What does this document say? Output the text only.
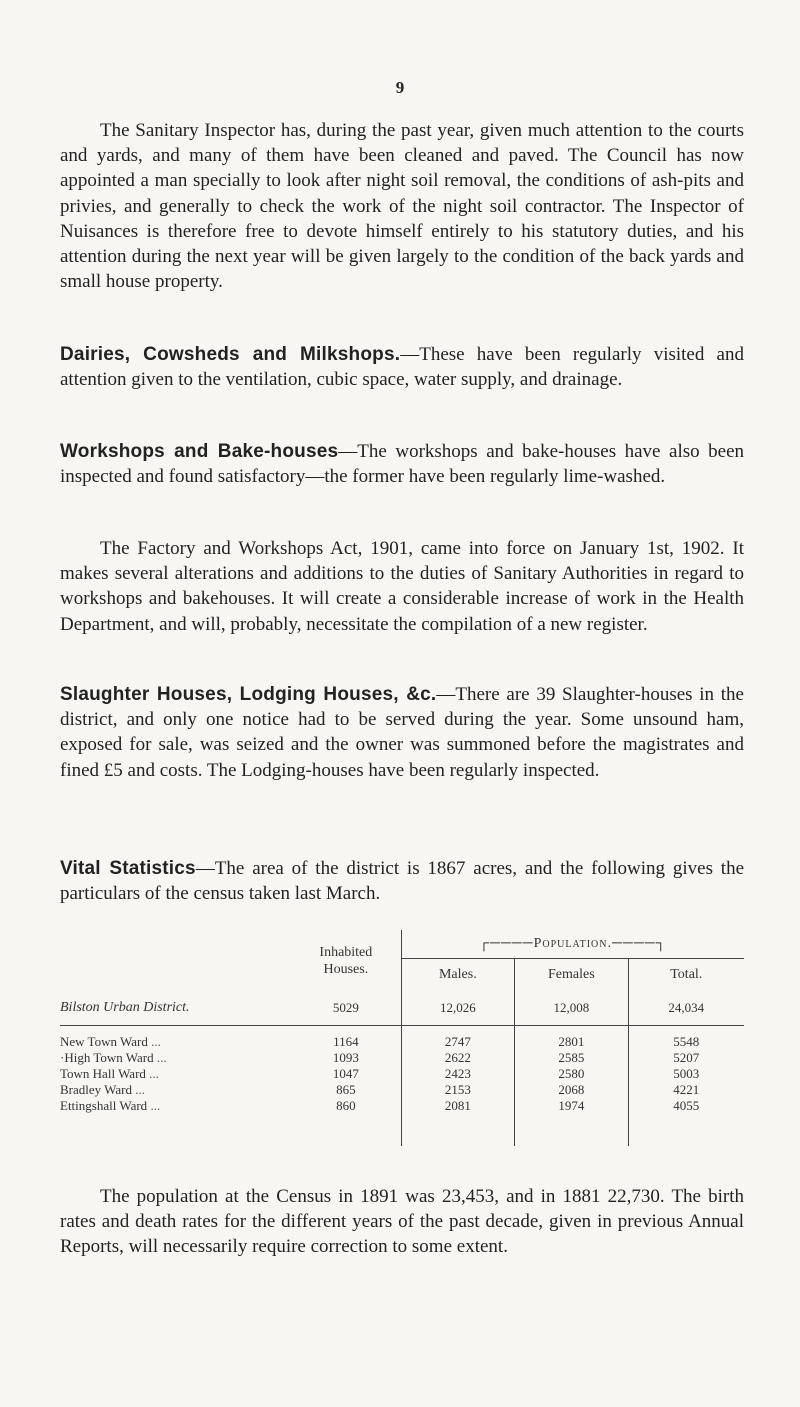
9

The Sanitary Inspector has, during the past year, given much attention to the courts and yards, and many of them have been cleaned and paved. The Council has now appointed a man specially to look after night soil removal, the conditions of ash-pits and privies, and generally to check the work of the night soil contractor. The Inspector of Nuisances is therefore free to devote himself entirely to his statutory duties, and his attention during the next year will be given largely to the condition of the back yards and small house property.

Dairies, Cowsheds and Milkshops.—These have been regularly visited and attention given to the ventilation, cubic space, water supply, and drainage.

Workshops and Bake-houses—The workshops and bake-houses have also been inspected and found satisfactory—the former have been regularly lime-washed.

The Factory and Workshops Act, 1901, came into force on January 1st, 1902. It makes several alterations and additions to the duties of Sanitary Authorities in regard to workshops and bakehouses. It will create a considerable increase of work in the Health Department, and will, probably, necessitate the compilation of a new register.

Slaughter Houses, Lodging Houses, &c.—There are 39 Slaughter-houses in the district, and only one notice had to be served during the year. Some unsound ham, exposed for sale, was seized and the owner was summoned before the magistrates and fined £5 and costs. The Lodging-houses have been regularly inspected.

Vital Statistics—The area of the district is 1867 acres, and the following gives the particulars of the census taken last March.

	Inhabited
Houses.	┌────Population.────┐		
		Males.	Females	Total.
Bilston Urban District.	5029	12,026	12,008	24,034
New Town Ward ...	1164	2747	2801	5548
·High Town Ward ...	1093	2622	2585	5207
Town Hall Ward ...	1047	2423	2580	5003
Bradley Ward ...	865	2153	2068	4221
Ettingshall Ward ...	860	2081	1974	4055

The population at the Census in 1891 was 23,453, and in 1881 22,730. The birth rates and death rates for the different years of the past decade, given in previous Annual Reports, will necessarily require correction to some extent.
